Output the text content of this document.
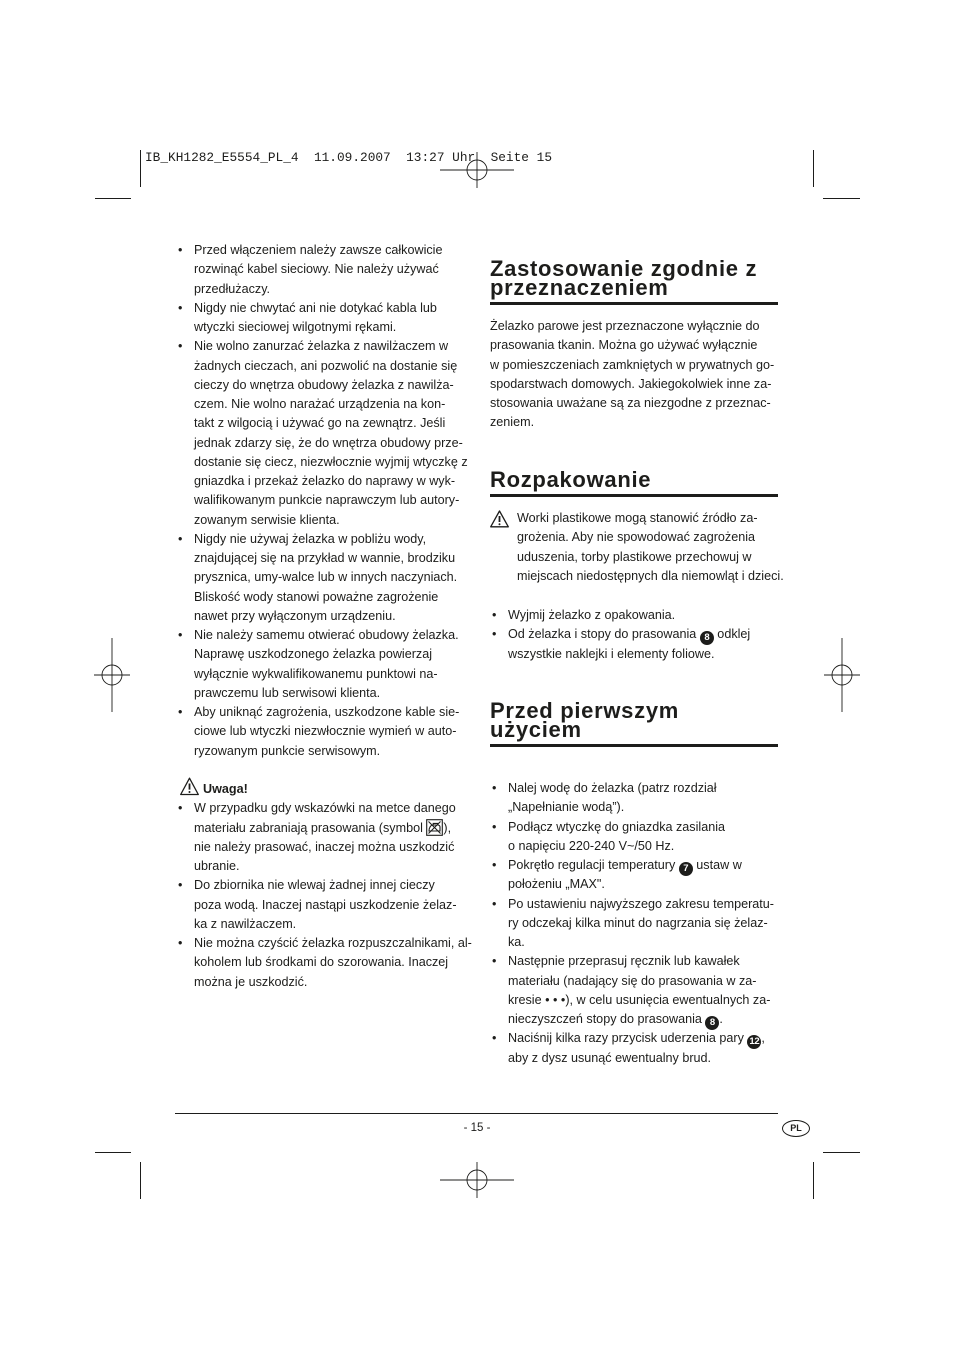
IB_KH1282_E5554_PL_4  11.09.2007  13:27 Uhr  Seite 15
• Przed włączeniem należy zawsze całkowicie
rozwinąć kabel sieciowy. Nie należy używać
przedłużaczy.
• Nigdy nie chwytać ani nie dotykać kabla lub
wtyczki sieciowej wilgotnymi rękami.
• Nie wolno zanurzać żelazka z nawilżaczem w
żadnych cieczach, ani pozwolić na dostanie się
cieczy do wnętrza obudowy żelazka z nawilża-
czem. Nie wolno narażać urządzenia na kon-
takt z wilgocią i używać go na zewnątrz. Jeśli
jednak zdarzy się, że do wnętrza obudowy prze-
dostanie się ciecz, niezwłocznie wyjmij wtyczkę z
gniazdka i przekaż żelazko do naprawy w wyk-
walifikowanym punkcie naprawczym lub autory-
zowanym serwisie klienta.
• Nigdy nie używaj żelazka w pobliżu wody,
znajdującej się na przykład w wannie, brodziku
prysznica, umy-walce lub w innych naczyniach.
Bliskość wody stanowi poważne zagrożenie
nawet przy wyłączonym urządzeniu.
• Nie należy samemu otwierać obudowy żelazka.
Naprawę uszkodzonego żelazka powierzaj
wyłącznie wykwalifikowanemu punktowi na-
prawczemu lub serwisowi klienta.
• Aby uniknąć zagrożenia, uszkodzone kable sie-
ciowe lub wtyczki niezwłocznie wymień w auto-
ryzowanym punkcie serwisowym.
Uwaga!
• W przypadku gdy wskazówki na metce danego
materiału zabraniają prasowania (symbol
),
nie należy prasować, inaczej można uszkodzić
ubranie.
• Do zbiornika nie wlewaj żadnej innej cieczy
poza wodą. Inaczej nastąpi uszkodzenie żelaz-
ka z nawilżaczem.
• Nie można czyścić żelazka rozpuszczalnikami, al-
koholem lub środkami do szorowania. Inaczej
można je uszkodzić.
Zastosowanie zgodnie z
przeznaczeniem
Żelazko parowe jest przeznaczone wyłącznie do
prasowania tkanin. Można go używać wyłącznie
w pomieszczeniach zamkniętych w prywatnych go-
spodarstwach domowych. Jakiegokolwiek inne za-
stosowania uważane są za niezgodne z przeznac-
zeniem.
Rozpakowanie
Worki plastikowe mogą stanowić źródło za-
grożenia. Aby nie spowodować zagrożenia
uduszenia, torby plastikowe przechowuj w
miejscach niedostępnych dla niemowląt i dzieci.
• Wyjmij żelazko z opakowania.
• Od żelazka i stopy do prasowania 8 odklej
wszystkie naklejki i elementy foliowe.
Przed pierwszym
użyciem
• Nalej wodę do żelazka (patrz rozdział
„Napełnianie wodą”).
• Podłącz wtyczkę do gniazdka zasilania
o napięciu 220-240 V~/50 Hz.
• Pokrętło regulacji temperatury 7 ustaw w
położeniu „MAX".
• Po ustawieniu najwyższego zakresu temperatu-
ry odczekaj kilka minut do nagrzania się żelaz-
ka.
• Następnie przeprasuj ręcznik lub kawałek
materiału (nadający się do prasowania w za-
kresie • • •), w celu usunięcia ewentualnych za-
nieczyszczeń stopy do prasowania 8 .
• Naciśnij kilka razy przycisk uderzenia pary 12 ,
aby z dysz usunąć ewentualny brud.
- 15 -	PL
